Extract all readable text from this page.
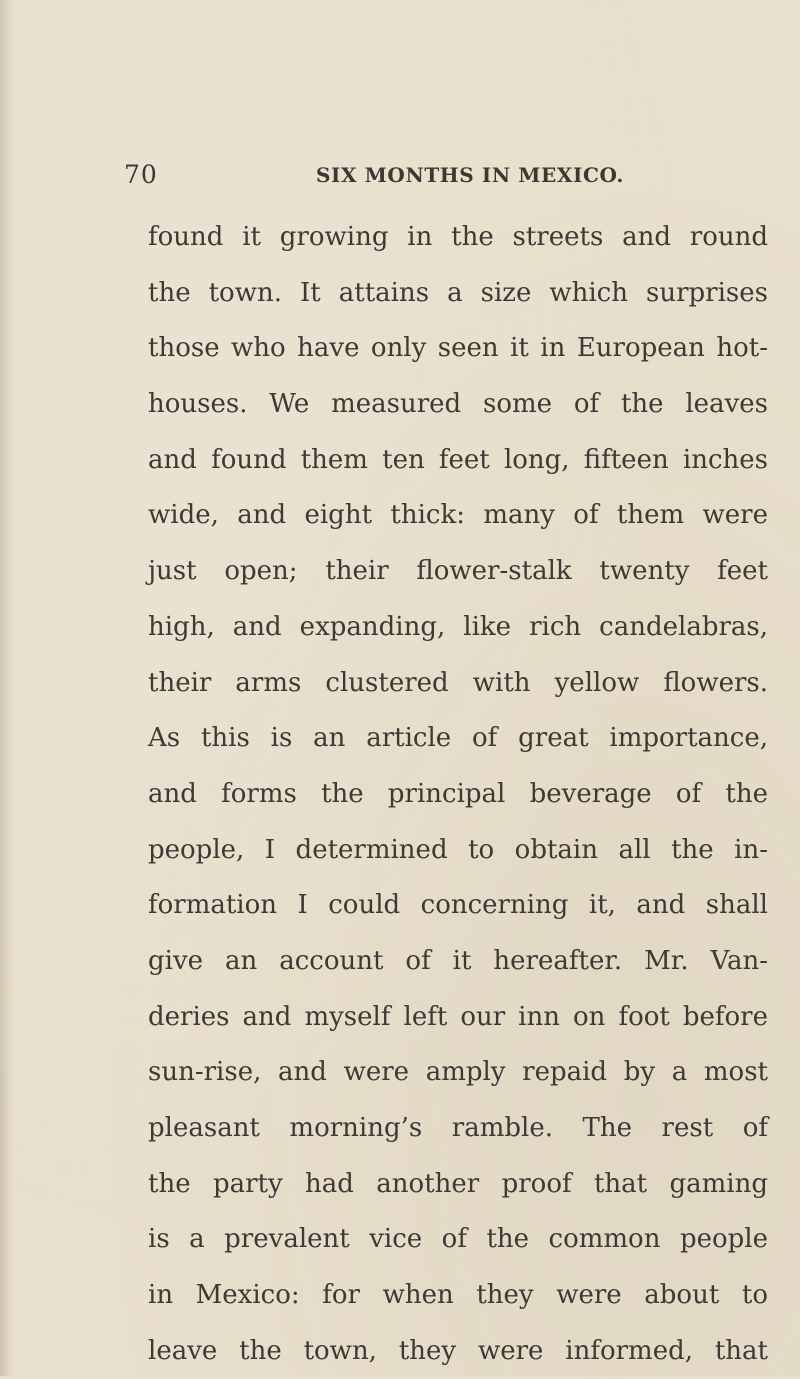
70	SIX MONTHS IN MEXICO.
found it growing in the streets and round
the town. It attains a size which surprises
those who have only seen it in European hot-
houses. We measured some of the leaves
and found them ten feet long, fifteen inches
wide, and eight thick: many of them were
just open; their flower-stalk twenty feet
high, and expanding, like rich candelabras,
their arms clustered with yellow flowers.
As this is an article of great importance,
and forms the principal beverage of the
people, I determined to obtain all the in-
formation I could concerning it, and shall
give an account of it hereafter. Mr. Van-
deries and myself left our inn on foot before
sun-rise, and were amply repaid by a most
pleasant morning’s ramble. The rest of
the party had another proof that gaming
is a prevalent vice of the common people
in Mexico: for when they were about to
leave the town, they were informed, that
